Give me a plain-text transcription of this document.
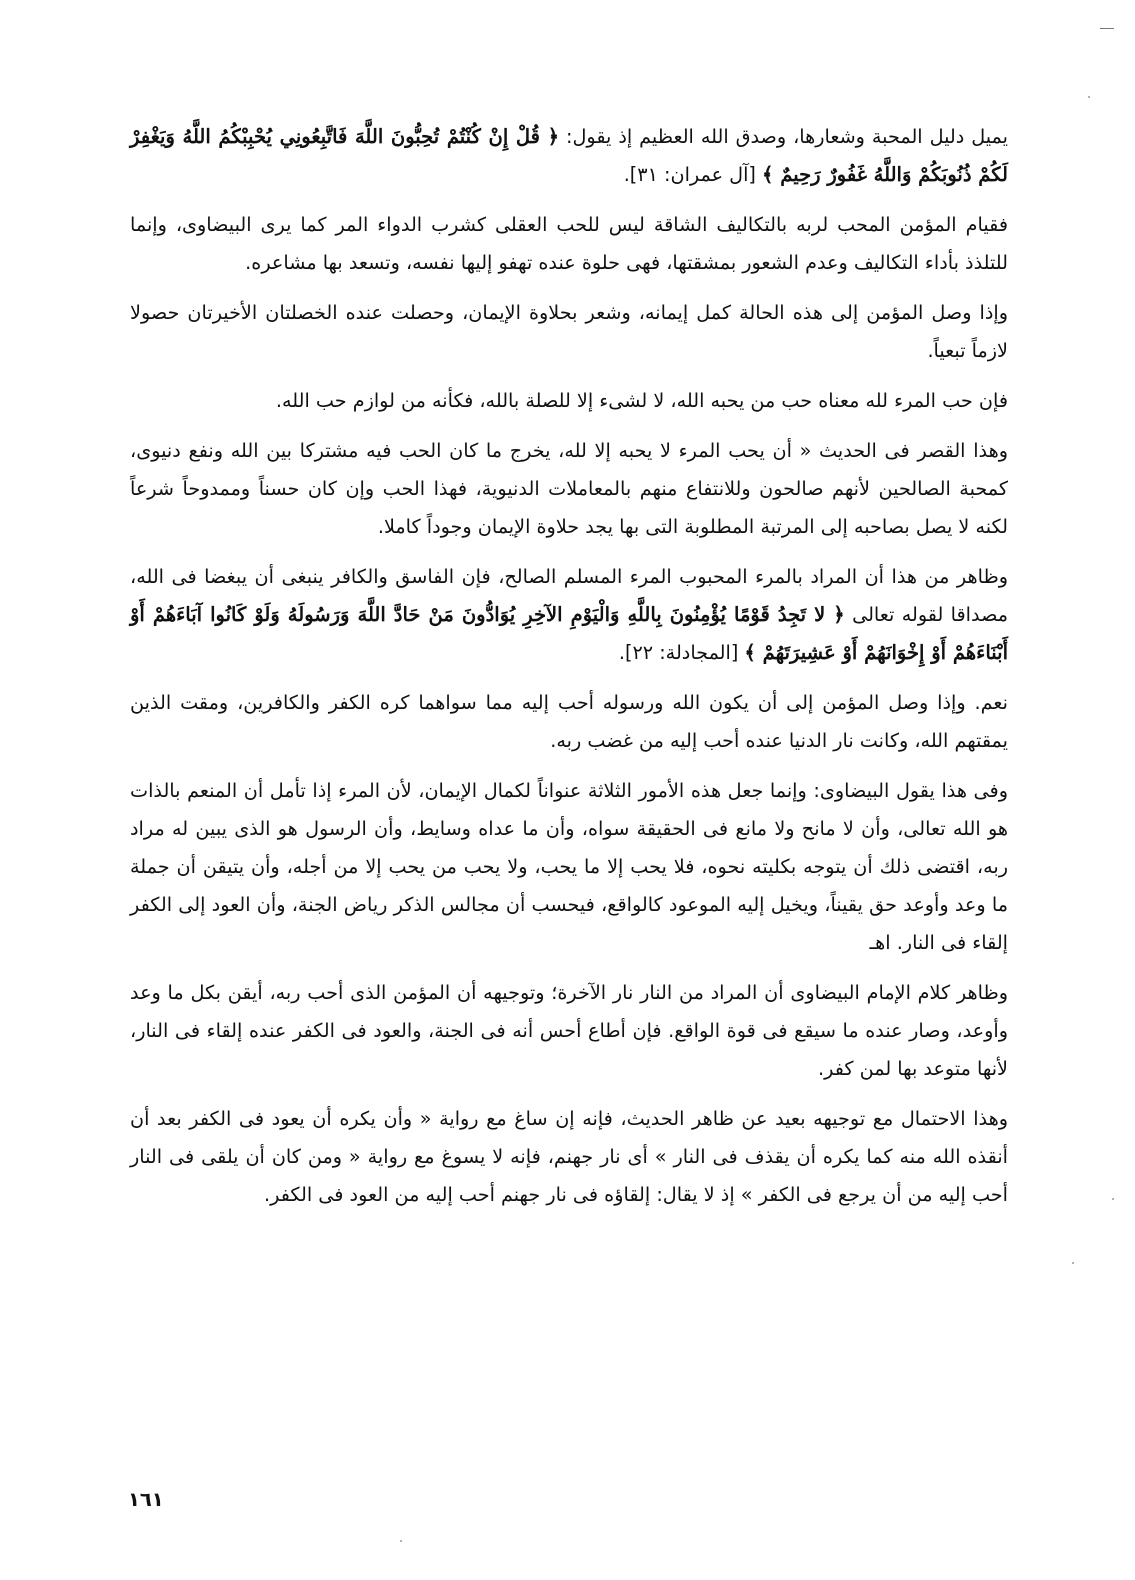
يميل دليل المحبة وشعارها، وصدق الله العظيم إذ يقول: ﴿ قُلْ إِنْ كُنْتُمْ تُحِبُّونَ اللَّهَ فَاتَّبِعُونِي يُحْبِبْكُمُ اللَّهُ وَيَغْفِرْ لَكُمْ ذُنُوبَكُمْ وَاللَّهُ غَفُورٌ رَحِيمٌ ﴾ [آل عمران: ٣١].

فقيام المؤمن المحب لربه بالتكاليف الشاقة ليس للحب العقلى كشرب الدواء المر كما يرى البيضاوى، وإنما للتلذذ بأداء التكاليف وعدم الشعور بمشقتها، فهى حلوة عنده تهفو إليها نفسه، وتسعد بها مشاعره.

وإذا وصل المؤمن إلى هذه الحالة كمل إيمانه، وشعر بحلاوة الإيمان، وحصلت عنده الخصلتان الأخيرتان حصولا لازماً تبعياً.

فإن حب المرء لله معناه حب من يحبه الله، لا لشىء إلا للصلة بالله، فكأنه من لوازم حب الله.

وهذا القصر فى الحديث « أن يحب المرء لا يحبه إلا لله، يخرج ما كان الحب فيه مشتركا بين الله ونفع دنيوى، كمحبة الصالحين لأنهم صالحون وللانتفاع منهم بالمعاملات الدنيوية، فهذا الحب وإن كان حسناً وممدوحاً شرعاً لكنه لا يصل بصاحبه إلى المرتبة المطلوبة التى بها يجد حلاوة الإيمان وجوداً كاملا.

وظاهر من هذا أن المراد بالمرء المحبوب المرء المسلم الصالح، فإن الفاسق والكافر ينبغى أن يبغضا فى الله، مصداقا لقوله تعالى ﴿ لا تَجِدُ قَوْمًا يُؤْمِنُونَ بِاللَّهِ وَالْيَوْمِ الآخِرِ يُوَادُّونَ مَنْ حَادَّ اللَّهَ وَرَسُولَهُ وَلَوْ كَانُوا آبَاءَهُمْ أَوْ أَبْنَاءَهُمْ أَوْ إِخْوَانَهُمْ أَوْ عَشِيرَتَهُمْ ﴾ [المجادلة: ٢٢].

نعم. وإذا وصل المؤمن إلى أن يكون الله ورسوله أحب إليه مما سواهما كره الكفر والكافرين، ومقت الذين يمقتهم الله، وكانت نار الدنيا عنده أحب إليه من غضب ربه.

وفى هذا يقول البيضاوى: وإنما جعل هذه الأمور الثلاثة عنواناً لكمال الإيمان، لأن المرء إذا تأمل أن المنعم بالذات هو الله تعالى، وأن لا مانح ولا مانع فى الحقيقة سواه، وأن ما عداه وسايط، وأن الرسول هو الذى يبين له مراد ربه، اقتضى ذلك أن يتوجه بكليته نحوه، فلا يحب إلا ما يحب، ولا يحب من يحب إلا من أجله، وأن يتيقن أن جملة ما وعد وأوعد حق يقيناً، ويخيل إليه الموعود كالواقع، فيحسب أن مجالس الذكر رياض الجنة، وأن العود إلى الكفر إلقاء فى النار. اهـ

وظاهر كلام الإمام البيضاوى أن المراد من النار نار الآخرة؛ وتوجيهه أن المؤمن الذى أحب ربه، أيقن بكل ما وعد وأوعد، وصار عنده ما سيقع فى قوة الواقع. فإن أطاع أحس أنه فى الجنة، والعود فى الكفر عنده إلقاء فى النار، لأنها متوعد بها لمن كفر.

وهذا الاحتمال مع توجيهه بعيد عن ظاهر الحديث، فإنه إن ساغ مع رواية « وأن يكره أن يعود فى الكفر بعد أن أنقذه الله منه كما يكره أن يقذف فى النار » أى نار جهنم، فإنه لا يسوغ مع رواية « ومن كان أن يلقى فى النار أحب إليه من أن يرجع فى الكفر » إذ لا يقال: إلقاؤه فى نار جهنم أحب إليه من العود فى الكفر.

١٦١
